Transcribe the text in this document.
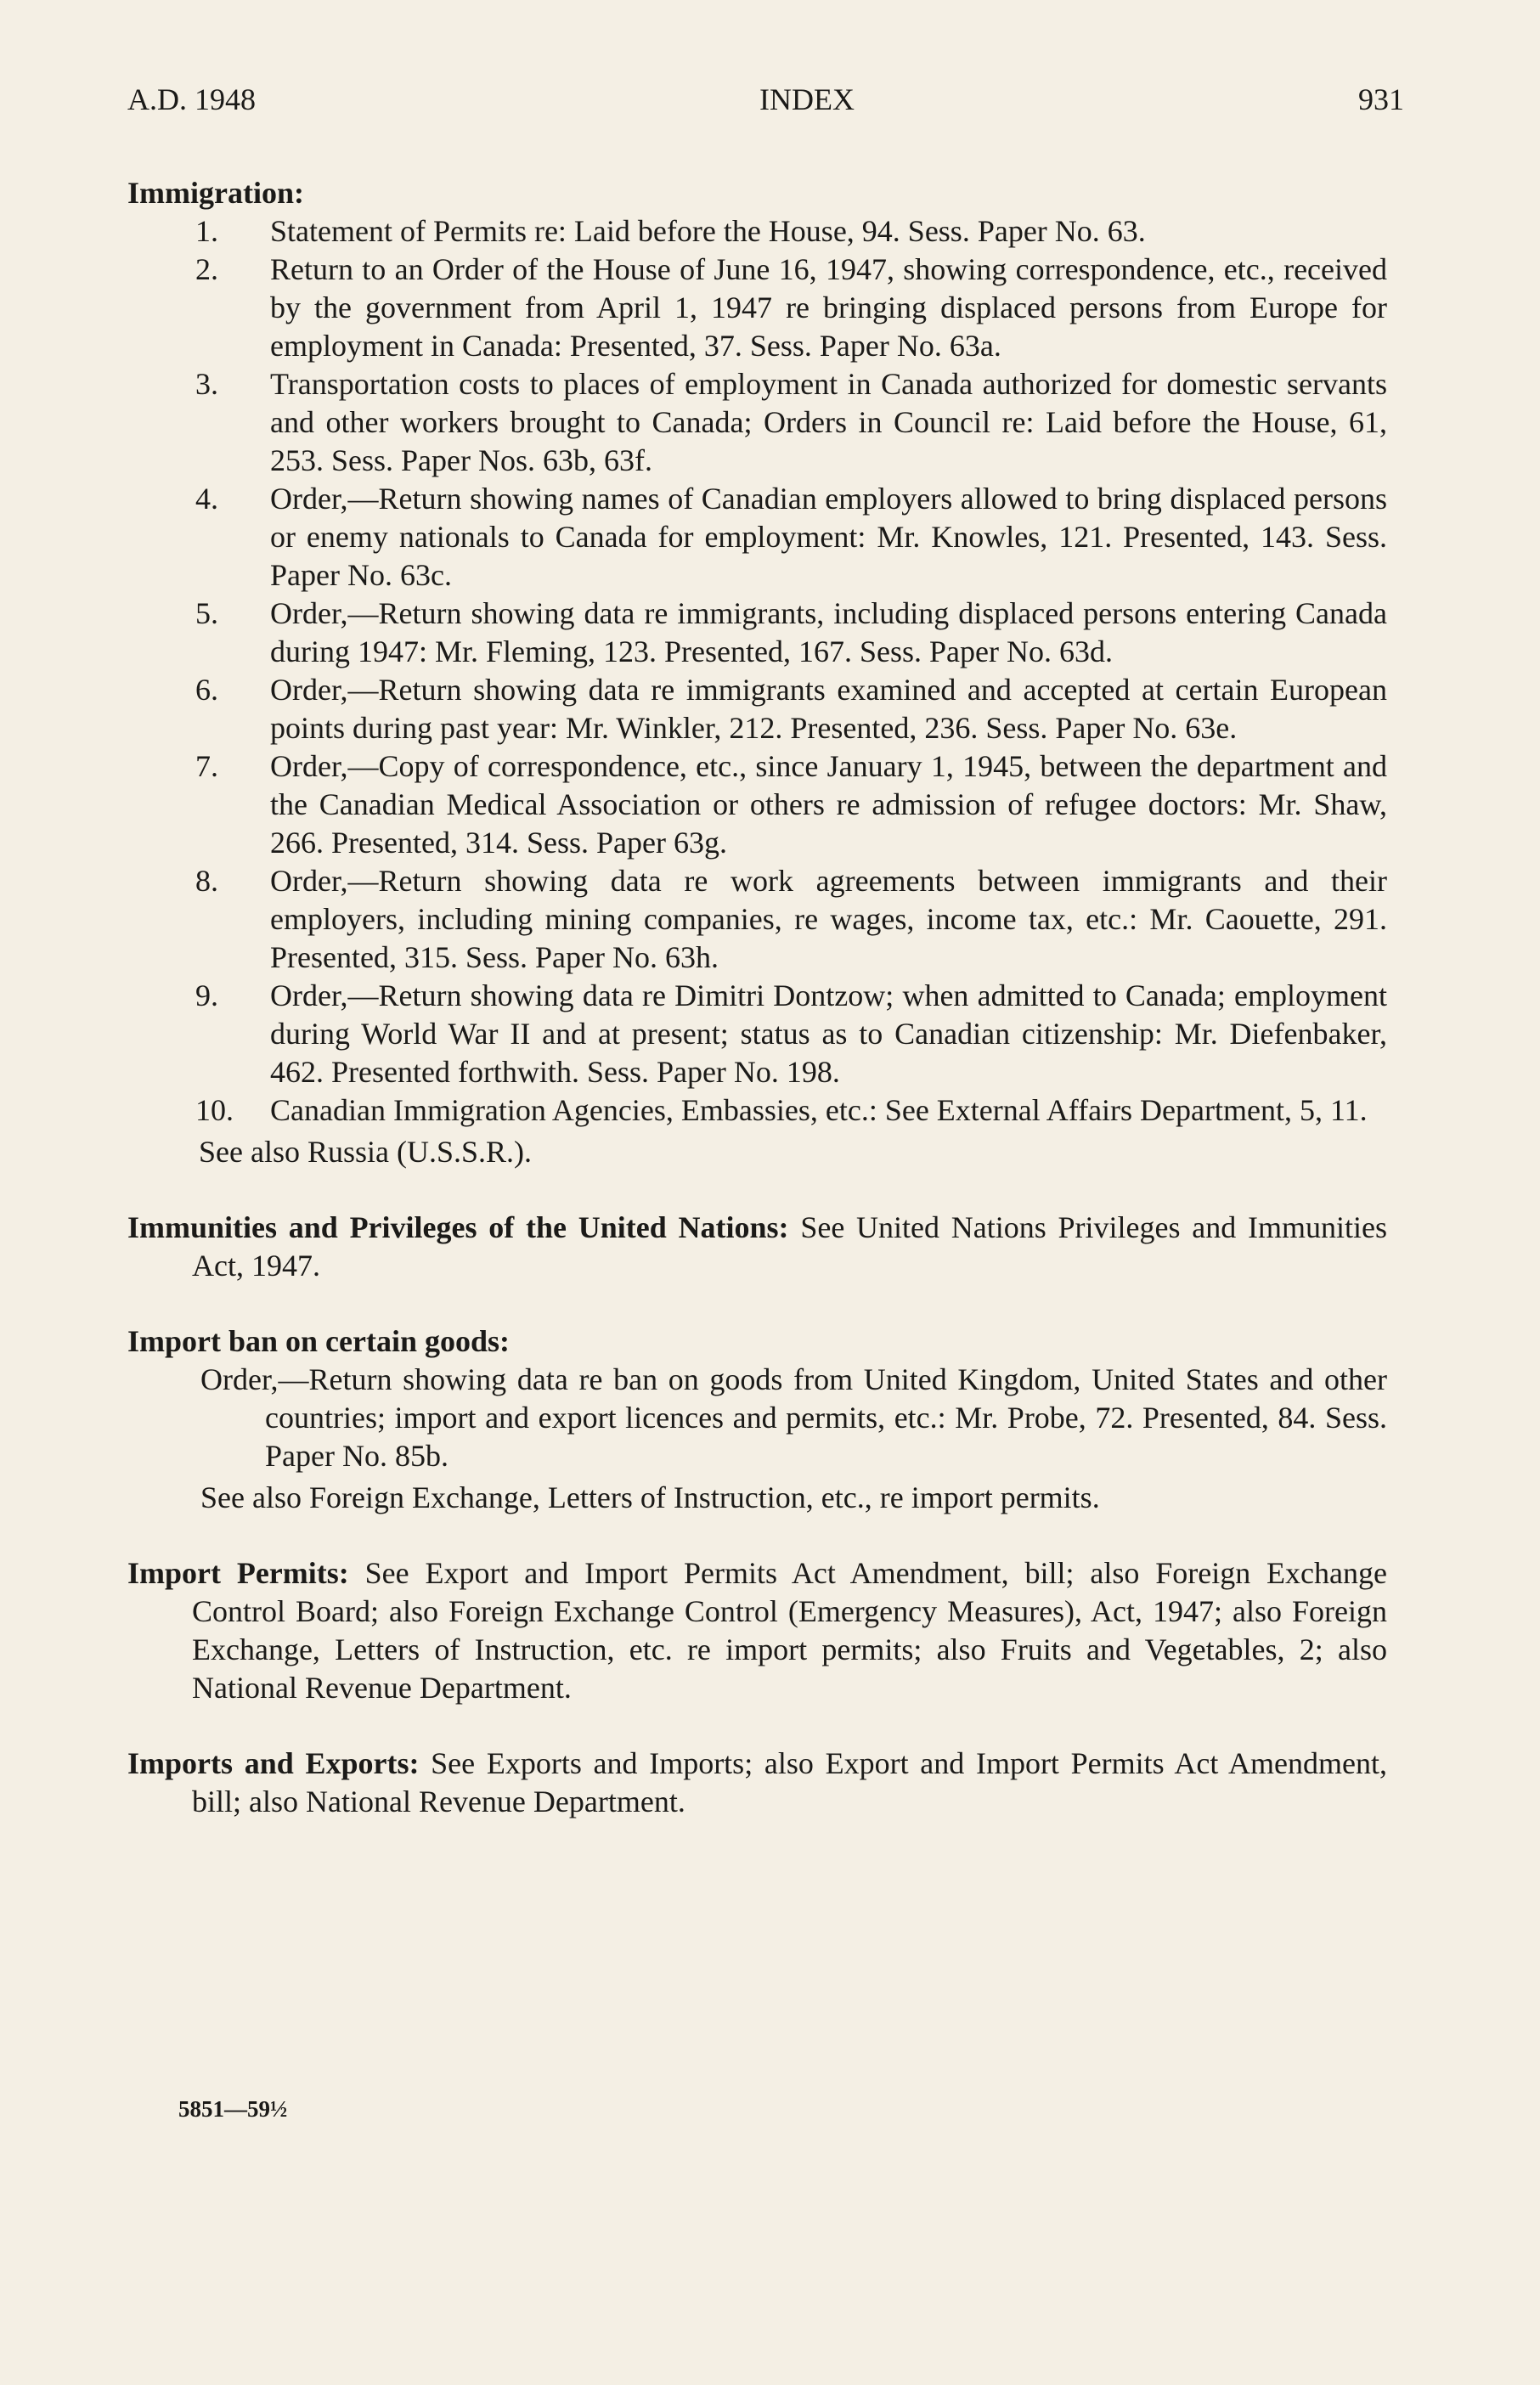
A.D. 1948	INDEX	931
Immigration:
1.	Statement of Permits re: Laid before the House, 94. Sess. Paper No. 63.
2.	Return to an Order of the House of June 16, 1947, showing correspondence, etc., received by the government from April 1, 1947 re bringing displaced persons from Europe for employment in Canada: Presented, 37. Sess. Paper No. 63a.
3.	Transportation costs to places of employment in Canada authorized for domestic servants and other workers brought to Canada; Orders in Council re: Laid before the House, 61, 253. Sess. Paper Nos. 63b, 63f.
4.	Order,—Return showing names of Canadian employers allowed to bring displaced persons or enemy nationals to Canada for employment: Mr. Knowles, 121. Presented, 143. Sess. Paper No. 63c.
5.	Order,—Return showing data re immigrants, including displaced persons entering Canada during 1947: Mr. Fleming, 123. Presented, 167. Sess. Paper No. 63d.
6.	Order,—Return showing data re immigrants examined and accepted at certain European points during past year: Mr. Winkler, 212. Presented, 236. Sess. Paper No. 63e.
7.	Order,—Copy of correspondence, etc., since January 1, 1945, between the department and the Canadian Medical Association or others re admission of refugee doctors: Mr. Shaw, 266. Presented, 314. Sess. Paper 63g.
8.	Order,—Return showing data re work agreements between immigrants and their employers, including mining companies, re wages, income tax, etc.: Mr. Caouette, 291. Presented, 315. Sess. Paper No. 63h.
9.	Order,—Return showing data re Dimitri Dontzow; when admitted to Canada; employment during World War II and at present; status as to Canadian citizenship: Mr. Diefenbaker, 462. Presented forthwith. Sess. Paper No. 198.
10.	Canadian Immigration Agencies, Embassies, etc.: See External Affairs Department, 5, 11.
See also Russia (U.S.S.R.).
Immunities and Privileges of the United Nations: See United Nations Privileges and Immunities Act, 1947.
Import ban on certain goods:
Order,—Return showing data re ban on goods from United Kingdom, United States and other countries; import and export licences and permits, etc.: Mr. Probe, 72. Presented, 84. Sess. Paper No. 85b.
See also Foreign Exchange, Letters of Instruction, etc., re import permits.
Import Permits: See Export and Import Permits Act Amendment, bill; also Foreign Exchange Control Board; also Foreign Exchange Control (Emergency Measures), Act, 1947; also Foreign Exchange, Letters of Instruction, etc. re import permits; also Fruits and Vegetables, 2; also National Revenue Department.
Imports and Exports: See Exports and Imports; also Export and Import Permits Act Amendment, bill; also National Revenue Department.
5851—59½
